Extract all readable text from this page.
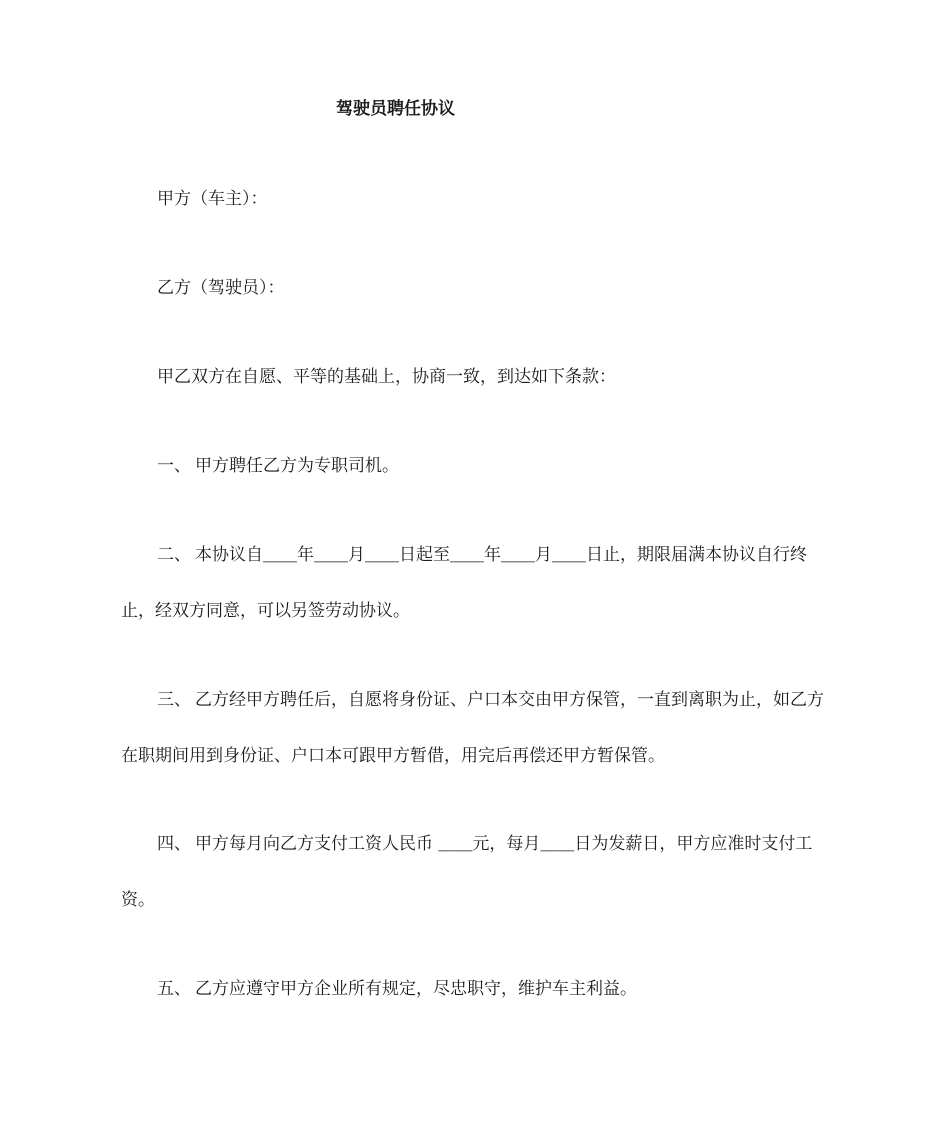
驾驶员聘任协议

甲方（车主）：

乙方（驾驶员）：

甲乙双方在自愿、平等的基础上，协商一致，到达如下条款：

一、 甲方聘任乙方为专职司机。

二、 本协议自＿＿年＿＿月＿＿日起至＿＿年＿＿月＿＿日止，期限届满本协议自行终止，经双方同意，可以另签劳动协议。

三、 乙方经甲方聘任后，自愿将身份证、户口本交由甲方保管，一直到离职为止，如乙方在职期间用到身份证、户口本可跟甲方暂借，用完后再偿还甲方暂保管。

四、 甲方每月向乙方支付工资人民币 ＿＿元，每月＿＿日为发薪日，甲方应准时支付工资。

五、 乙方应遵守甲方企业所有规定，尽忠职守，维护车主利益。
